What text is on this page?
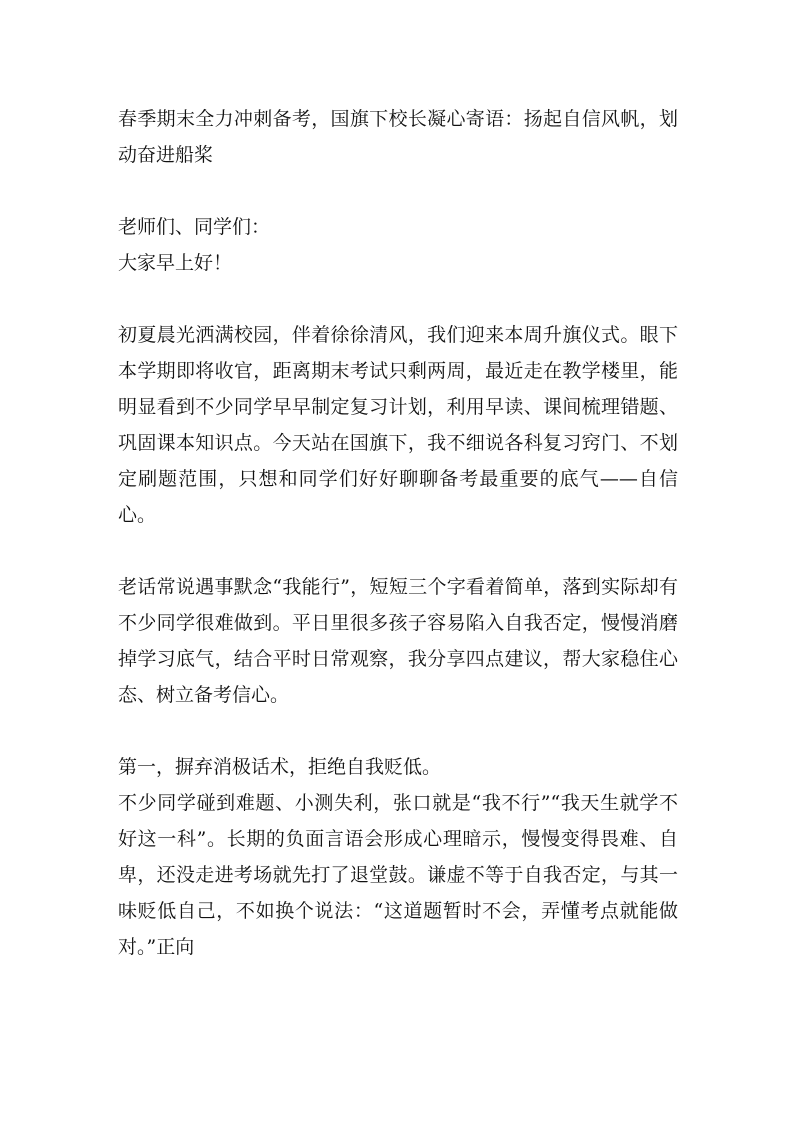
春季期末全力冲刺备考，国旗下校长凝心寄语：扬起自信风帆，划动奋进船桨

老师们、同学们：

大家早上好！

初夏晨光洒满校园，伴着徐徐清风，我们迎来本周升旗仪式。眼下本学期即将收官，距离期末考试只剩两周，最近走在教学楼里，能明显看到不少同学早早制定复习计划，利用早读、课间梳理错题、巩固课本知识点。今天站在国旗下，我不细说各科复习窍门、不划定刷题范围，只想和同学们好好聊聊备考最重要的底气——自信心。

老话常说遇事默念“我能行”，短短三个字看着简单，落到实际却有不少同学很难做到。平日里很多孩子容易陷入自我否定，慢慢消磨掉学习底气，结合平时日常观察，我分享四点建议，帮大家稳住心态、树立备考信心。

第一，摒弃消极话术，拒绝自我贬低。

不少同学碰到难题、小测失利，张口就是“我不行”“我天生就学不好这一科”。长期的负面言语会形成心理暗示，慢慢变得畏难、自卑，还没走进考场就先打了退堂鼓。谦虚不等于自我否定，与其一味贬低自己，不如换个说法：“这道题暂时不会，弄懂考点就能做对。”正向
